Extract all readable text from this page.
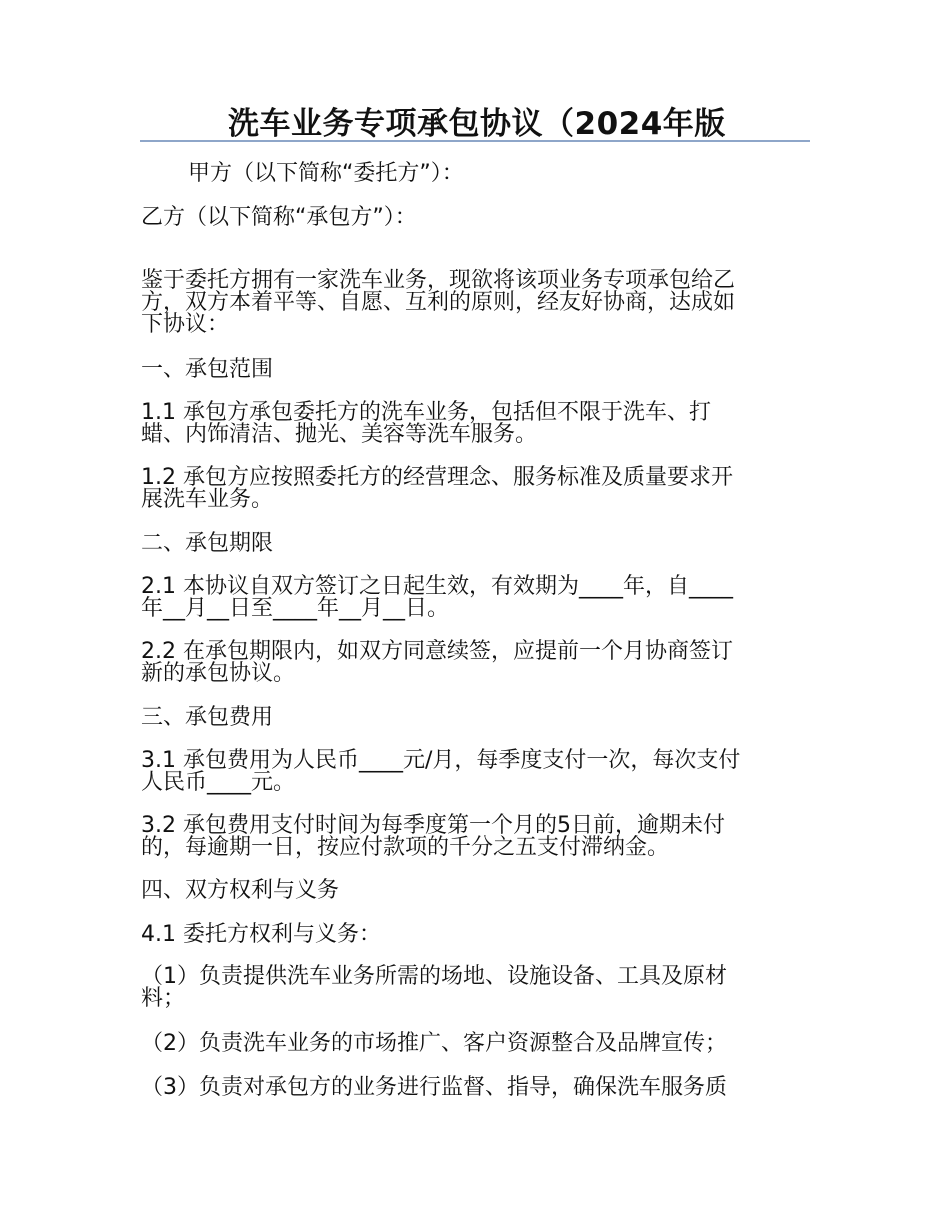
洗车业务专项承包协议（2024年版

甲方（以下简称“委托方”）：

乙方（以下简称“承包方”）：

鉴于委托方拥有一家洗车业务，现欲将该项业务专项承包给乙
方，双方本着平等、自愿、互利的原则，经友好协商，达成如
下协议：

一、承包范围

1.1 承包方承包委托方的洗车业务，包括但不限于洗车、打
蜡、内饰清洁、抛光、美容等洗车服务。

1.2 承包方应按照委托方的经营理念、服务标准及质量要求开
展洗车业务。

二、承包期限

2.1 本协议自双方签订之日起生效，有效期为____年，自____
年__月__日至____年__月__日。

2.2 在承包期限内，如双方同意续签，应提前一个月协商签订
新的承包协议。

三、承包费用

3.1 承包费用为人民币____元/月，每季度支付一次，每次支付
人民币____元。

3.2 承包费用支付时间为每季度第一个月的5日前，逾期未付
的，每逾期一日，按应付款项的千分之五支付滞纳金。

四、双方权利与义务

4.1 委托方权利与义务：

（1）负责提供洗车业务所需的场地、设施设备、工具及原材
料；

（2）负责洗车业务的市场推广、客户资源整合及品牌宣传；

（3）负责对承包方的业务进行监督、指导，确保洗车服务质
